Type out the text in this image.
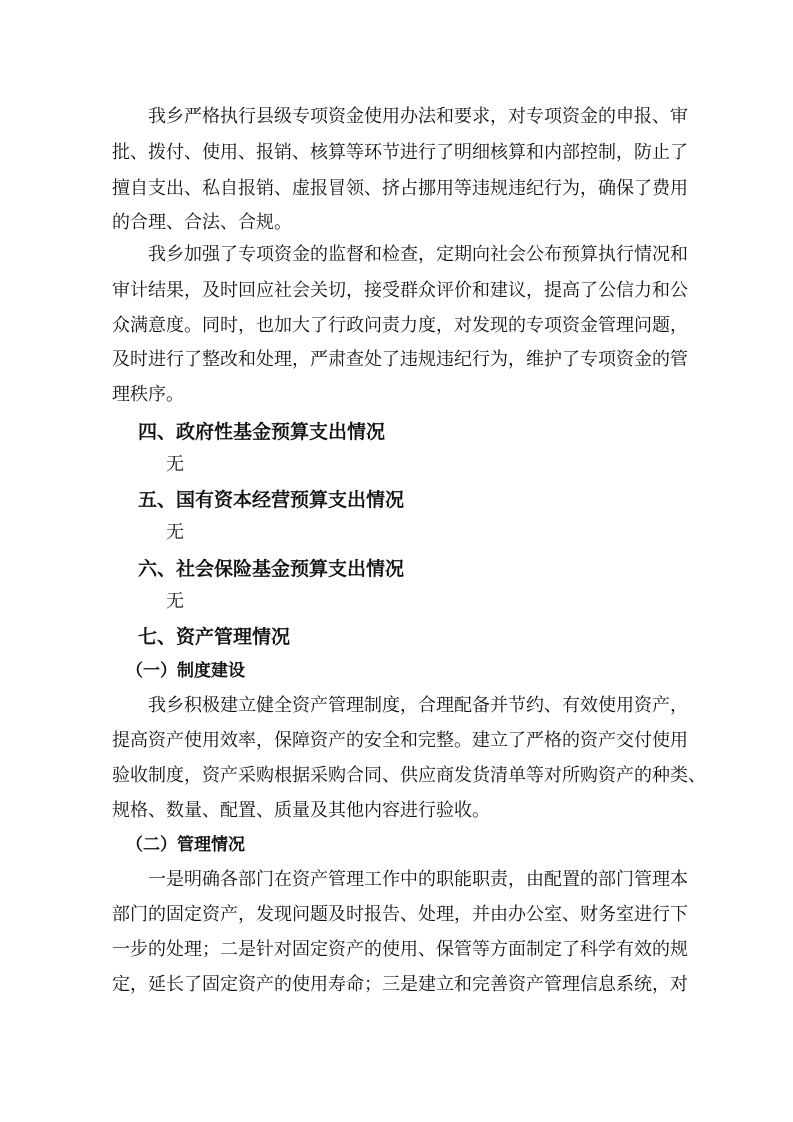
　　我乡严格执行县级专项资金使用办法和要求，对专项资金的申报、审
批、拨付、使用、报销、核算等环节进行了明细核算和内部控制，防止了
擅自支出、私自报销、虚报冒领、挤占挪用等违规违纪行为，确保了费用
的合理、合法、合规。
　　我乡加强了专项资金的监督和检查，定期向社会公布预算执行情况和
审计结果，及时回应社会关切，接受群众评价和建议，提高了公信力和公
众满意度。同时，也加大了行政问责力度，对发现的专项资金管理问题，
及时进行了整改和处理，严肃查处了违规违纪行为，维护了专项资金的管
理秩序。
四、政府性基金预算支出情况
无
五、国有资本经营预算支出情况
无
六、社会保险基金预算支出情况
无
七、资产管理情况
（一）制度建设
　　我乡积极建立健全资产管理制度，合理配备并节约、有效使用资产，
提高资产使用效率，保障资产的安全和完整。建立了严格的资产交付使用
验收制度，资产采购根据采购合同、供应商发货清单等对所购资产的种类、
规格、数量、配置、质量及其他内容进行验收。
（二）管理情况
　　一是明确各部门在资产管理工作中的职能职责，由配置的部门管理本
部门的固定资产，发现问题及时报告、处理，并由办公室、财务室进行下
一步的处理；二是针对固定资产的使用、保管等方面制定了科学有效的规
定，延长了固定资产的使用寿命；三是建立和完善资产管理信息系统，对
